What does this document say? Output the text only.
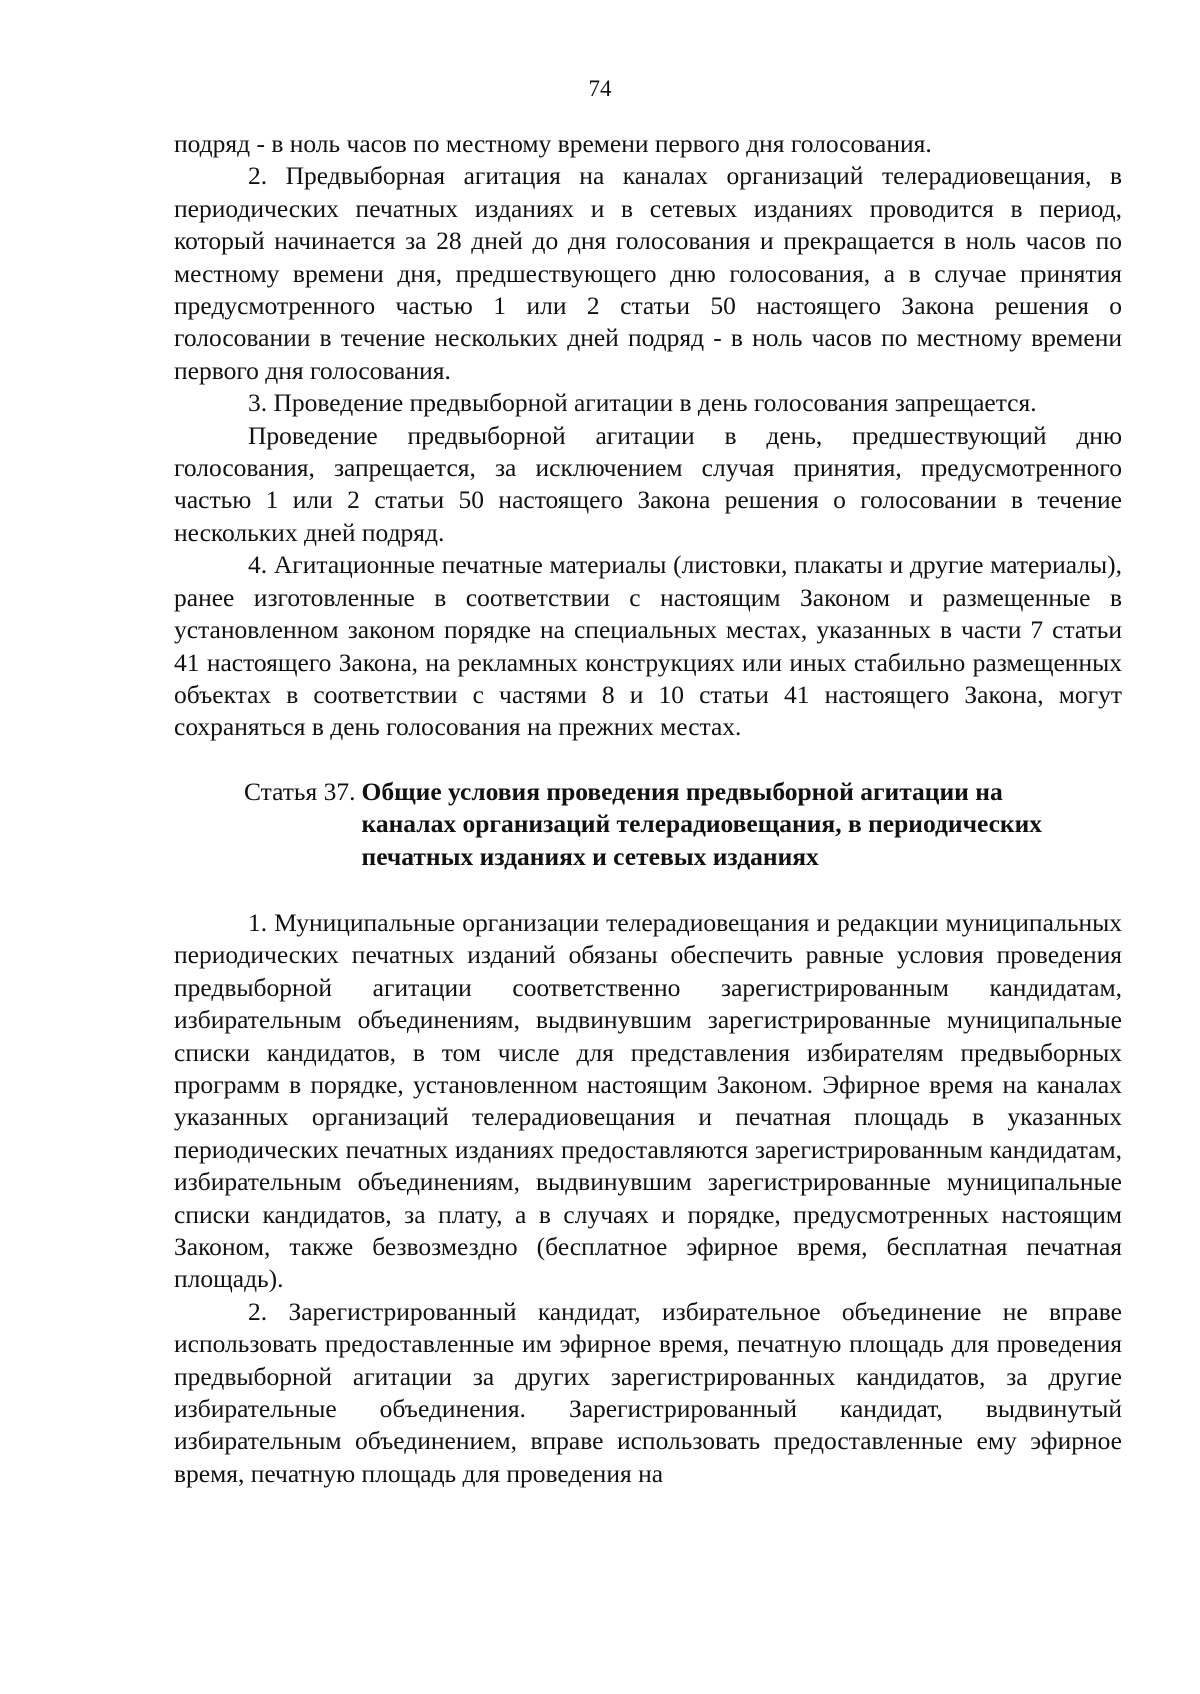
74

подряд - в ноль часов по местному времени первого дня голосования.

2. Предвыборная агитация на каналах организаций телерадиовещания, в периодических печатных изданиях и в сетевых изданиях проводится в период, который начинается за 28 дней до дня голосования и прекращается в ноль часов по местному времени дня, предшествующего дню голосования, а в случае принятия предусмотренного частью 1 или 2 статьи 50 настоящего Закона решения о голосовании в течение нескольких дней подряд - в ноль часов по местному времени первого дня голосования.

3. Проведение предвыборной агитации в день голосования запрещается.

Проведение предвыборной агитации в день, предшествующий дню голосования, запрещается, за исключением случая принятия, предусмотренного частью 1 или 2 статьи 50 настоящего Закона решения о голосовании в течение нескольких дней подряд.

4. Агитационные печатные материалы (листовки, плакаты и другие материалы), ранее изготовленные в соответствии с настоящим Законом и размещенные в установленном законом порядке на специальных местах, указанных в части 7 статьи 41 настоящего Закона, на рекламных конструкциях или иных стабильно размещенных объектах в соответствии с частями 8 и 10 статьи 41 настоящего Закона, могут сохраняться в день голосования на прежних местах.

Статья 37. Общие условия проведения предвыборной агитации на каналах организаций телерадиовещания, в периодических печатных изданиях и сетевых изданиях

1. Муниципальные организации телерадиовещания и редакции муниципальных периодических печатных изданий обязаны обеспечить равные условия проведения предвыборной агитации соответственно зарегистрированным кандидатам, избирательным объединениям, выдвинувшим зарегистрированные муниципальные списки кандидатов, в том числе для представления избирателям предвыборных программ в порядке, установленном настоящим Законом. Эфирное время на каналах указанных организаций телерадиовещания и печатная площадь в указанных периодических печатных изданиях предоставляются зарегистрированным кандидатам, избирательным объединениям, выдвинувшим зарегистрированные муниципальные списки кандидатов, за плату, а в случаях и порядке, предусмотренных настоящим Законом, также безвозмездно (бесплатное эфирное время, бесплатная печатная площадь).

2. Зарегистрированный кандидат, избирательное объединение не вправе использовать предоставленные им эфирное время, печатную площадь для проведения предвыборной агитации за других зарегистрированных кандидатов, за другие избирательные объединения. Зарегистрированный кандидат, выдвинутый избирательным объединением, вправе использовать предоставленные ему эфирное время, печатную площадь для проведения на
